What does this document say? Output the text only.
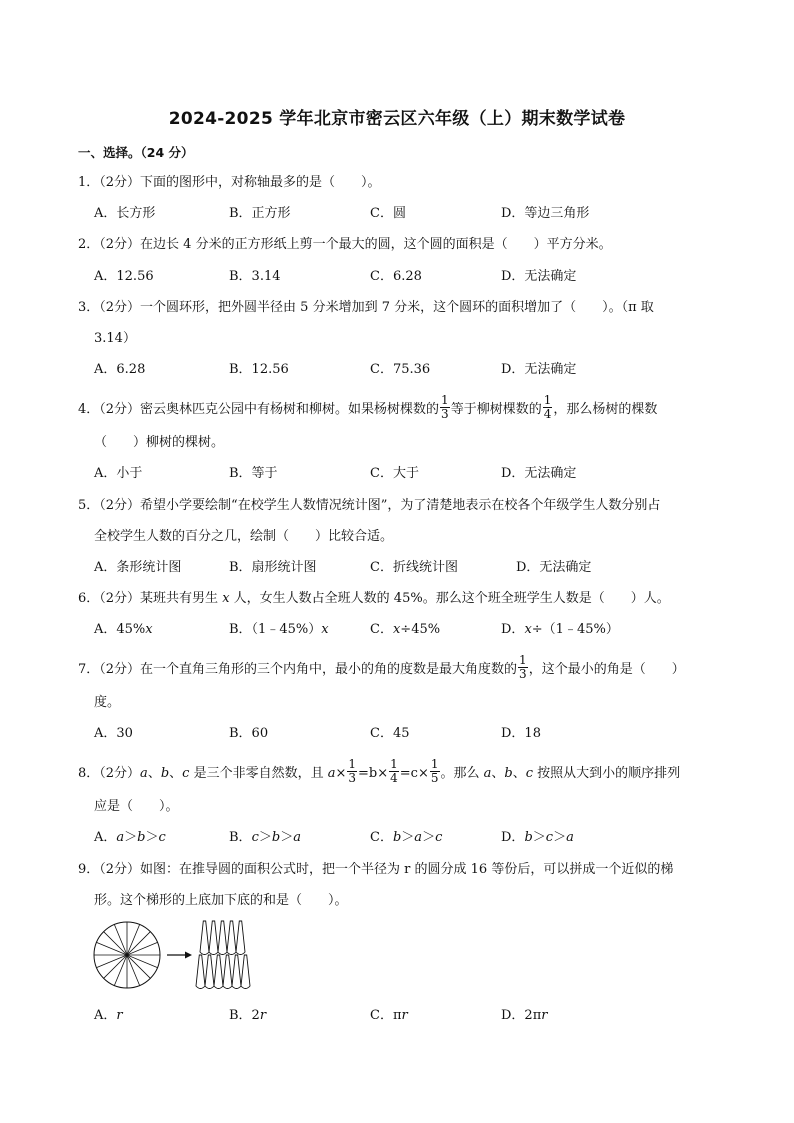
2024-2025 学年北京市密云区六年级（上）期末数学试卷
一、选择。（24 分）
1．（2分）下面的图形中，对称轴最多的是（　　）。
A．长方形	B．正方形	C．圆	D．等边三角形
2．（2分）在边长 4 分米的正方形纸上剪一个最大的圆，这个圆的面积是（　　）平方分米。
A．12.56	B．3.14	C．6.28	D．无法确定
3．（2分）一个圆环形，把外圆半径由 5 分米增加到 7 分米，这个圆环的面积增加了（　　）。（π 取
3.14）
A．6.28	B．12.56	C．75.36	D．无法确定
4．（2分）密云奥林匹克公园中有杨树和柳树。如果杨树棵数的 $\frac{1}{3}$ 等于柳树棵数的 $\frac{1}{4}$ ，那么杨树的棵数
（　　）柳树的棵树。
A．小于	B．等于	C．大于	D．无法确定
5．（2分）希望小学要绘制“在校学生人数情况统计图”，为了清楚地表示在校各个年级学生人数分别占
全校学生人数的百分之几，绘制（　　）比较合适。
A．条形统计图	B．扇形统计图	C．折线统计图	D．无法确定
6．（2分）某班共有男生 x 人，女生人数占全班人数的 45%。那么这个班全班学生人数是（　　）人。
A．45%x	B．（1﹣45%）x	C．x÷45%	D．x÷（1﹣45%）
7．（2分）在一个直角三角形的三个内角中，最小的角的度数是最大角度数的 $\frac{1}{3}$ ，这个最小的角是（　　）
度。
A．30	B．60	C．45	D．18
8．（2分）a、b、c 是三个非零自然数，且 $a\times \frac{1}{3} =b\times \frac{1}{4} =c\times \frac{1}{5}$ 。那么 a、b、c 按照从大到小的顺序排列
应是（　　）。
A．a＞b＞c	B．c＞b＞a	C．b＞a＞c	D．b＞c＞a
9．（2分）如图：在推导圆的面积公式时，把一个半径为 r 的圆分成 16 等份后，可以拼成一个近似的梯
形。这个梯形的上底加下底的和是（　　）。
A．r	B．2r	C．πr	D．2πr
